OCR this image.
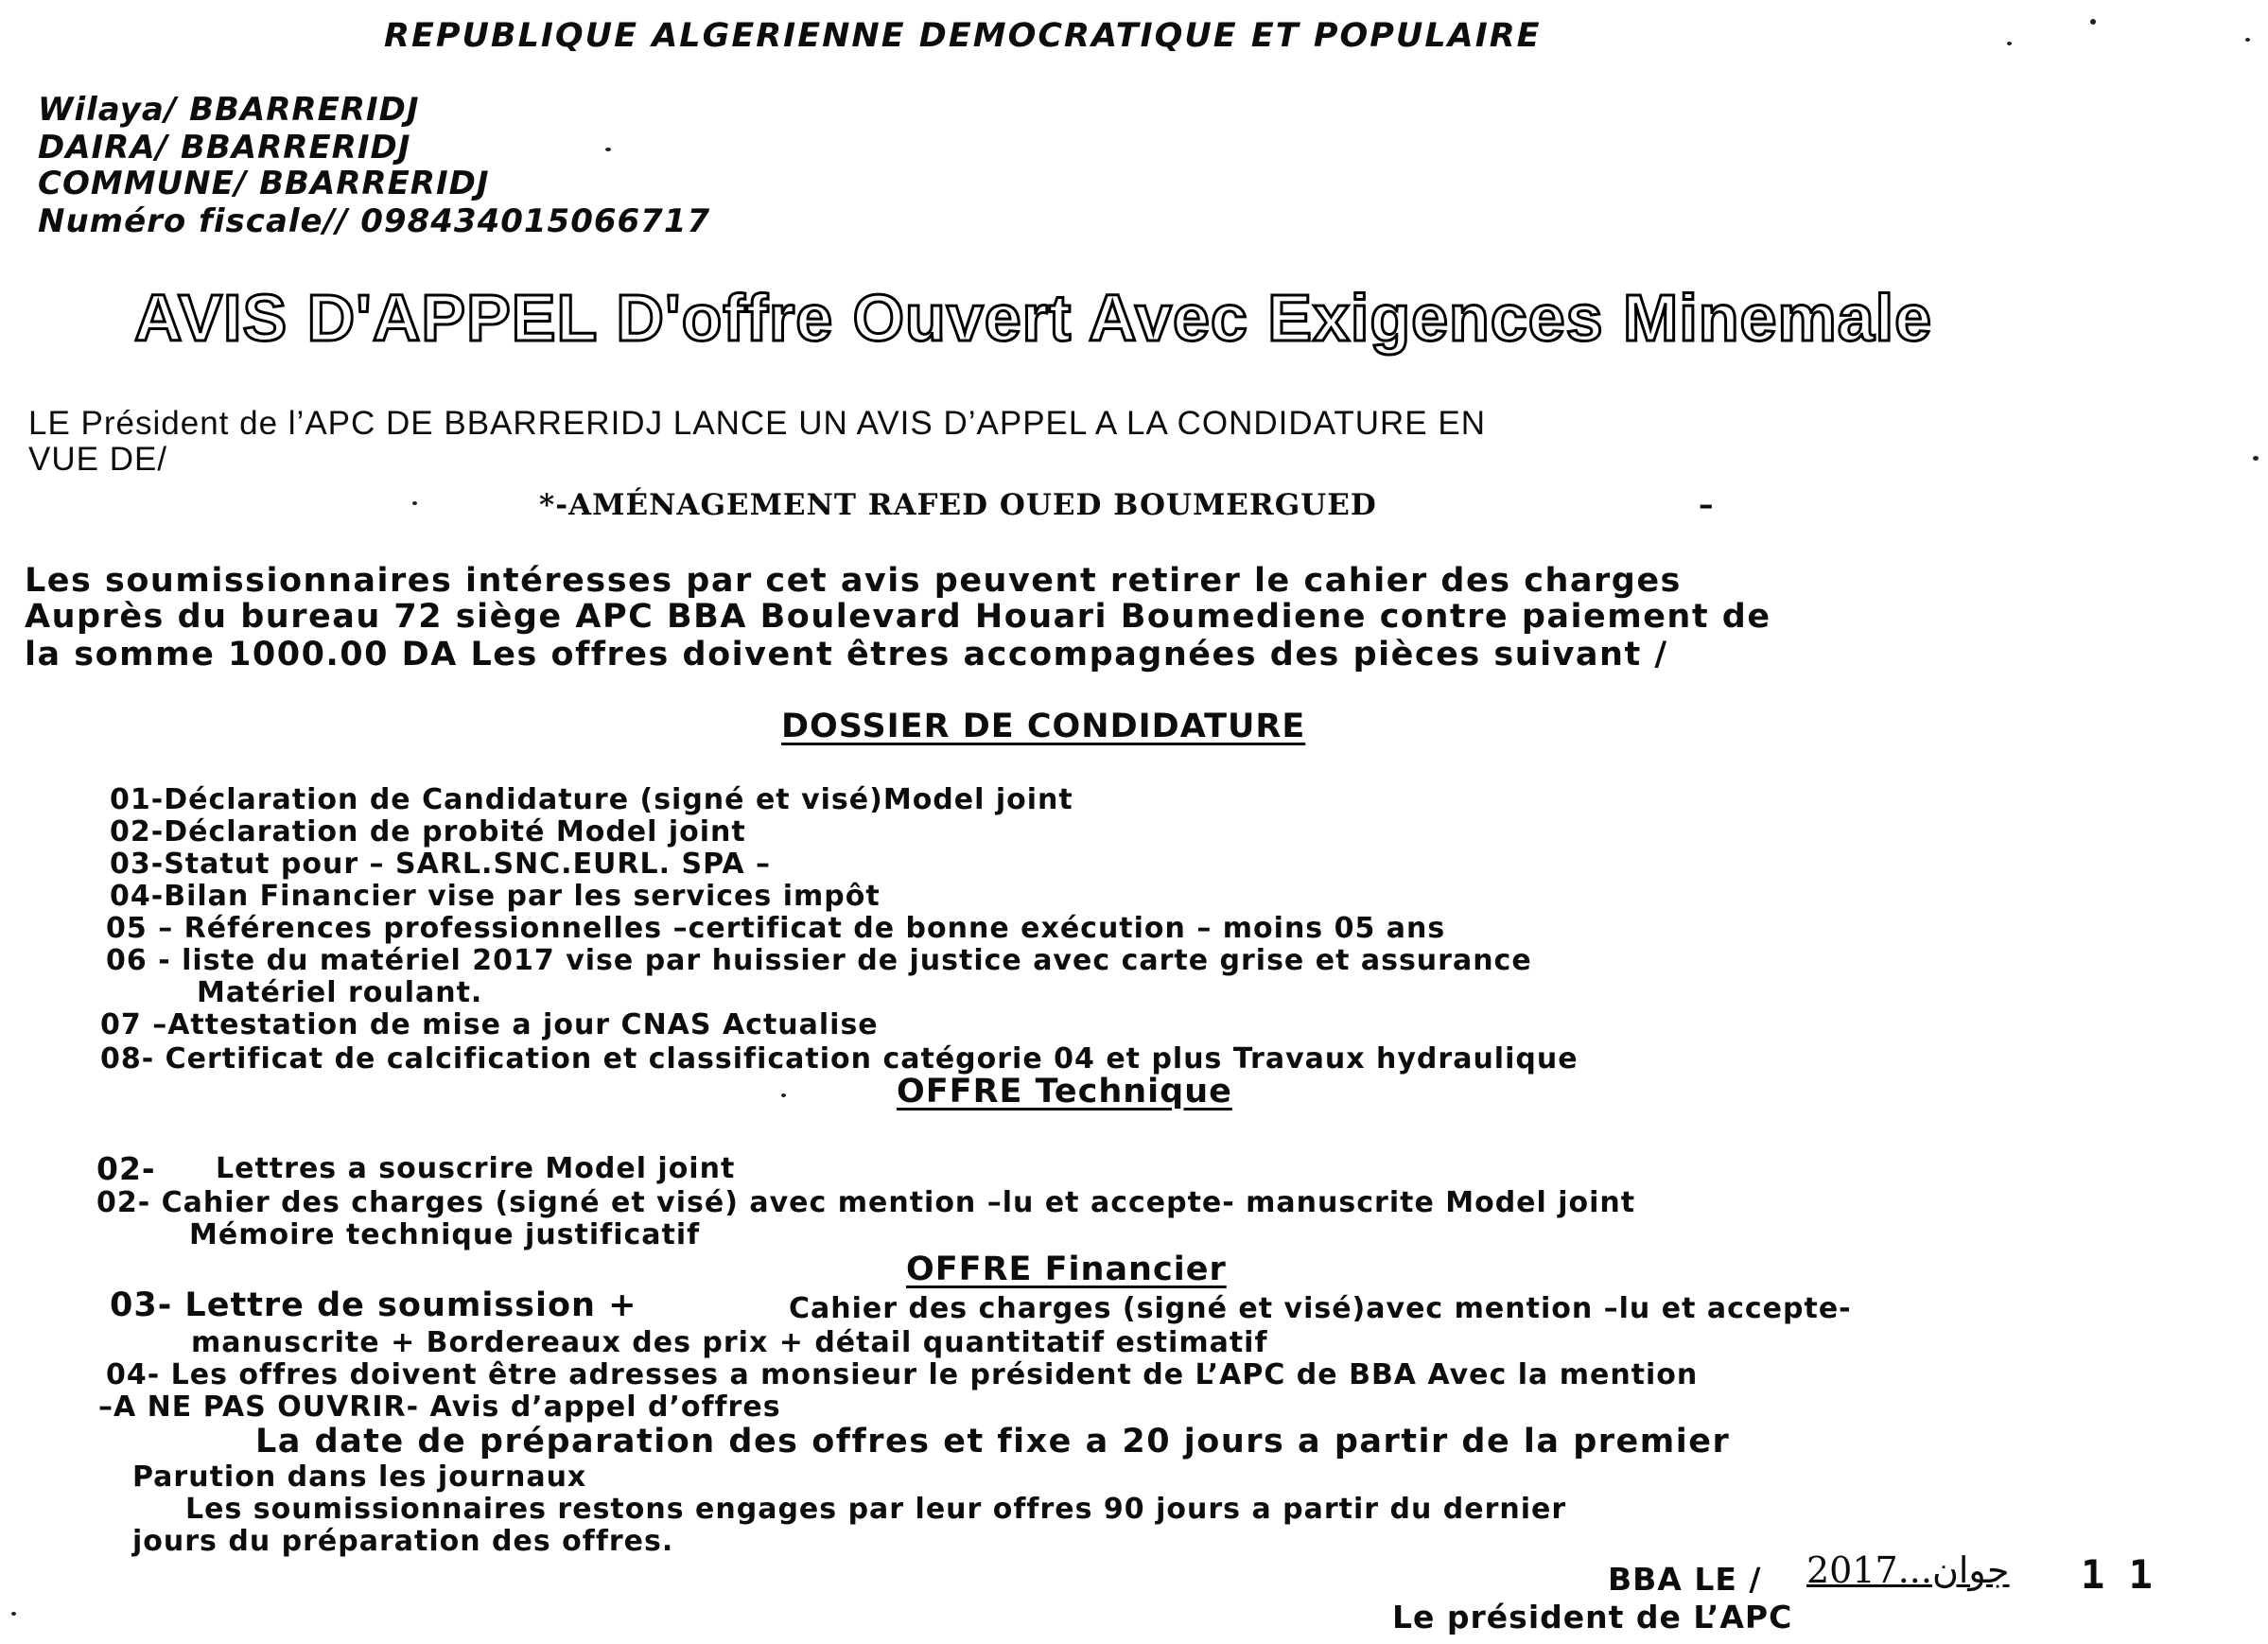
REPUBLIQUE ALGERIENNE DEMOCRATIQUE ET POPULAIRE
Wilaya/ BBARRERIDJ
DAIRA/ BBARRERIDJ
COMMUNE/ BBARRERIDJ
Numéro fiscale// 098434015066717
AVIS D'APPEL D'offre Ouvert Avec Exigences Minemale
LE Président de l’APC DE BBARRERIDJ LANCE UN AVIS D’APPEL A LA CONDIDATURE EN
VUE DE/
*-AMÉNAGEMENT RAFED OUED BOUMERGUED	–
Les soumissionnaires intéresses par cet avis peuvent retirer le cahier des charges
Auprès du bureau 72 siège APC BBA Boulevard Houari Boumediene contre paiement de
la somme 1000.00 DA Les offres doivent êtres accompagnées des pièces suivant /
DOSSIER DE CONDIDATURE
01-Déclaration de Candidature (signé et visé)Model joint
02-Déclaration de probité Model joint
03-Statut pour – SARL.SNC.EURL. SPA –
04-Bilan Financier vise par les services impôt
05 – Références professionnelles –certificat de bonne exécution – moins 05 ans
06 - liste du matériel 2017 vise par huissier de justice avec carte grise et assurance
Matériel roulant.
07 –Attestation de mise a jour CNAS Actualise
08- Certificat de calcification et classification catégorie 04 et plus Travaux hydraulique
OFFRE Technique
02- Lettres a souscrire Model joint
02- Cahier des charges (signé et visé) avec mention –lu et accepte- manuscrite Model joint
Mémoire technique justificatif
OFFRE Financier
03- Lettre de soumission +	Cahier des charges (signé et visé)avec mention –lu et accepte-
manuscrite + Bordereaux des prix + détail quantitatif estimatif
04- Les offres doivent être adresses a monsieur le président de L’APC de BBA Avec la mention
–A NE PAS OUVRIR- Avis d’appel d’offres
La date de préparation des offres et fixe a 20 jours a partir de la premier
Parution dans les journaux
Les soumissionnaires restons engages par leur offres 90 jours a partir du dernier
jours du préparation des offres.
BBA LE / 2017...جوان 1 1
Le président de L’APC
